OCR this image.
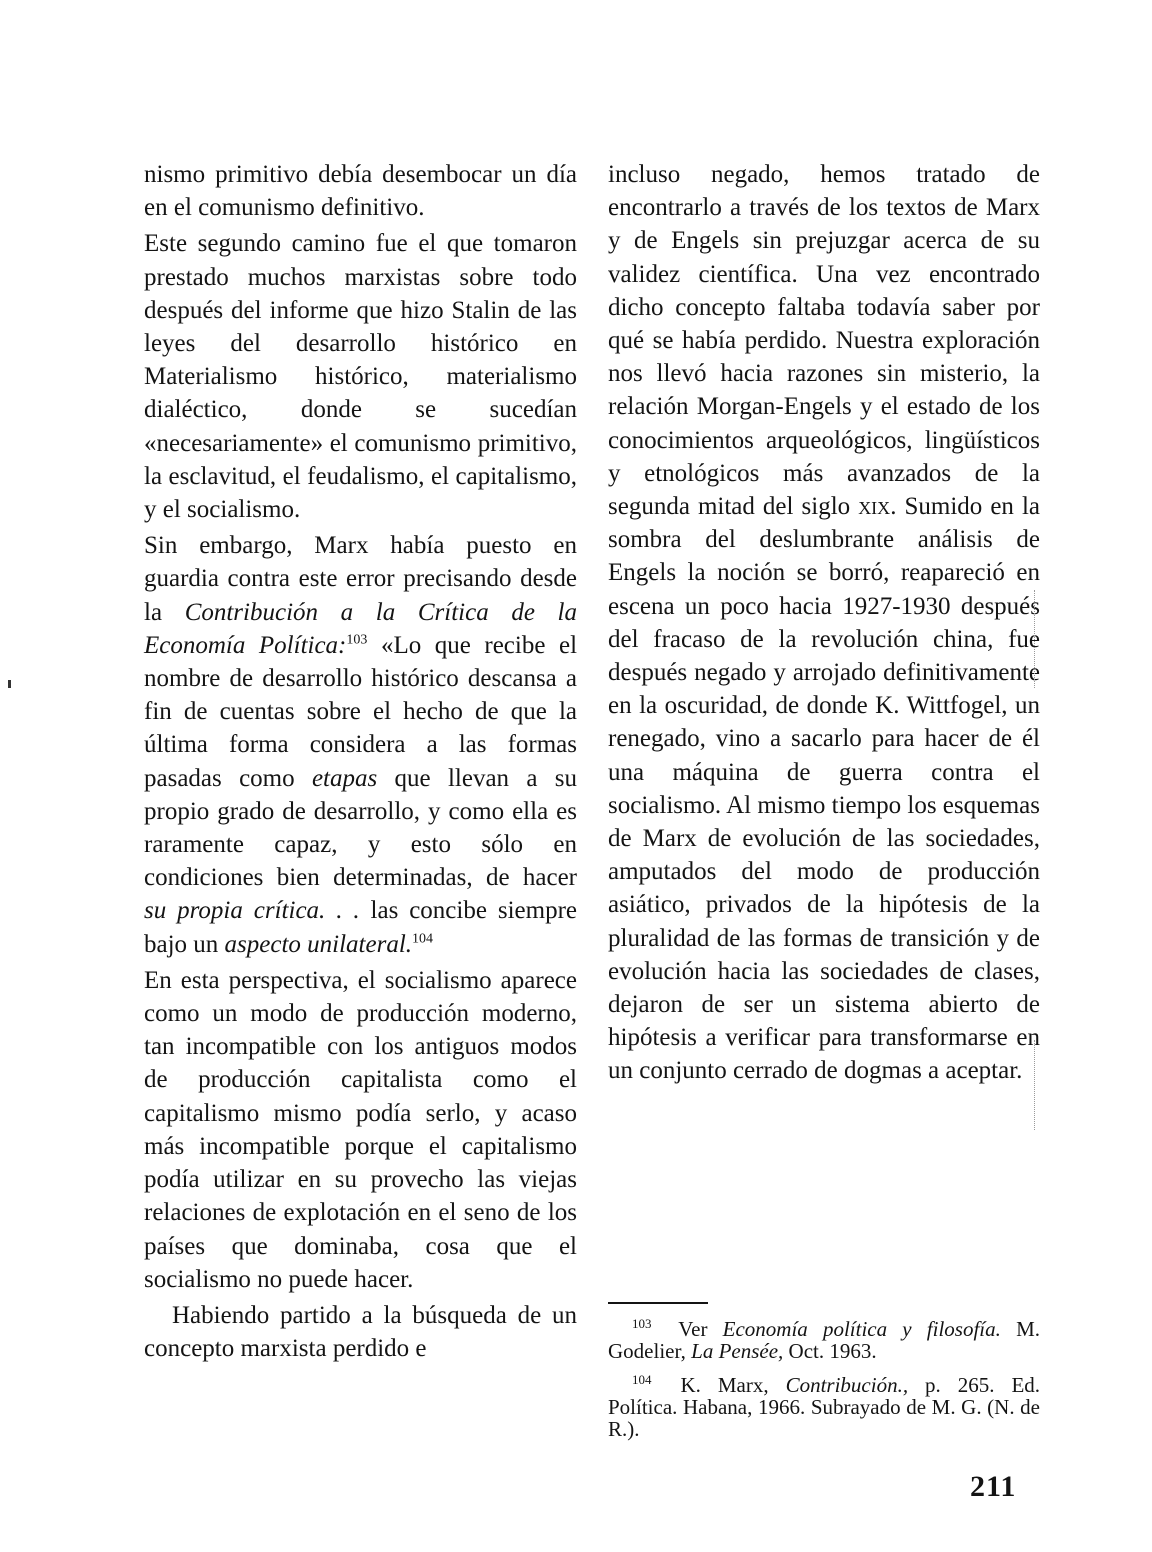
nismo primitivo debía desembocar un día en el comunismo definitivo.

Este segundo camino fue el que tomaron prestado muchos marxistas sobre todo después del informe que hizo Stalin de las leyes del desarrollo histórico en Materialismo histórico, materialismo dialéctico, donde se sucedían «necesariamente» el comunismo primitivo, la esclavitud, el feudalismo, el capitalismo, y el socialismo.

Sin embargo, Marx había puesto en guardia contra este error precisando desde la Contribución a la Crítica de la Economía Política:$^{103}$ «Lo que recibe el nombre de desarrollo histórico descansa a fin de cuentas sobre el hecho de que la última forma considera a las formas pasadas como etapas que llevan a su propio grado de desarrollo, y como ella es raramente capaz, y esto sólo en condiciones bien determinadas, de hacer su propia crítica. . . las concibe siempre bajo un aspecto unilateral.$^{104}$

En esta perspectiva, el socialismo aparece como un modo de producción moderno, tan incompatible con los antiguos modos de producción capitalista como el capitalismo mismo podía serlo, y acaso más incompatible porque el capitalismo podía utilizar en su provecho las viejas relaciones de explotación en el seno de los países que dominaba, cosa que el socialismo no puede hacer.

Habiendo partido a la búsqueda de un concepto marxista perdido e

incluso negado, hemos tratado de encontrarlo a través de los textos de Marx y de Engels sin prejuzgar acerca de su validez científica. Una vez encontrado dicho concepto faltaba todavía saber por qué se había perdido. Nuestra exploración nos llevó hacia razones sin misterio, la relación Morgan-Engels y el estado de los conocimientos arqueológicos, lingüísticos y etnológicos más avanzados de la segunda mitad del siglo xix. Sumido en la sombra del deslumbrante análisis de Engels la noción se borró, reapareció en escena un poco hacia 1927-1930 después del fracaso de la revolución china, fue después negado y arrojado definitivamente en la oscuridad, de donde K. Wittfogel, un renegado, vino a sacarlo para hacer de él una máquina de guerra contra el socialismo. Al mismo tiempo los esquemas de Marx de evolución de las sociedades, amputados del modo de producción asiático, privados de la hipótesis de la pluralidad de las formas de transición y de evolución hacia las sociedades de clases, dejaron de ser un sistema abierto de hipótesis a verificar para transformarse en un conjunto cerrado de dogmas a aceptar.

$^{103}$ Ver Economía política y filosofía. M. Godelier, La Pensée, Oct. 1963.

$^{104}$ K. Marx, Contribución., p. 265. Ed. Política. Habana, 1966. Subrayado de M. G. (N. de R.).

211
